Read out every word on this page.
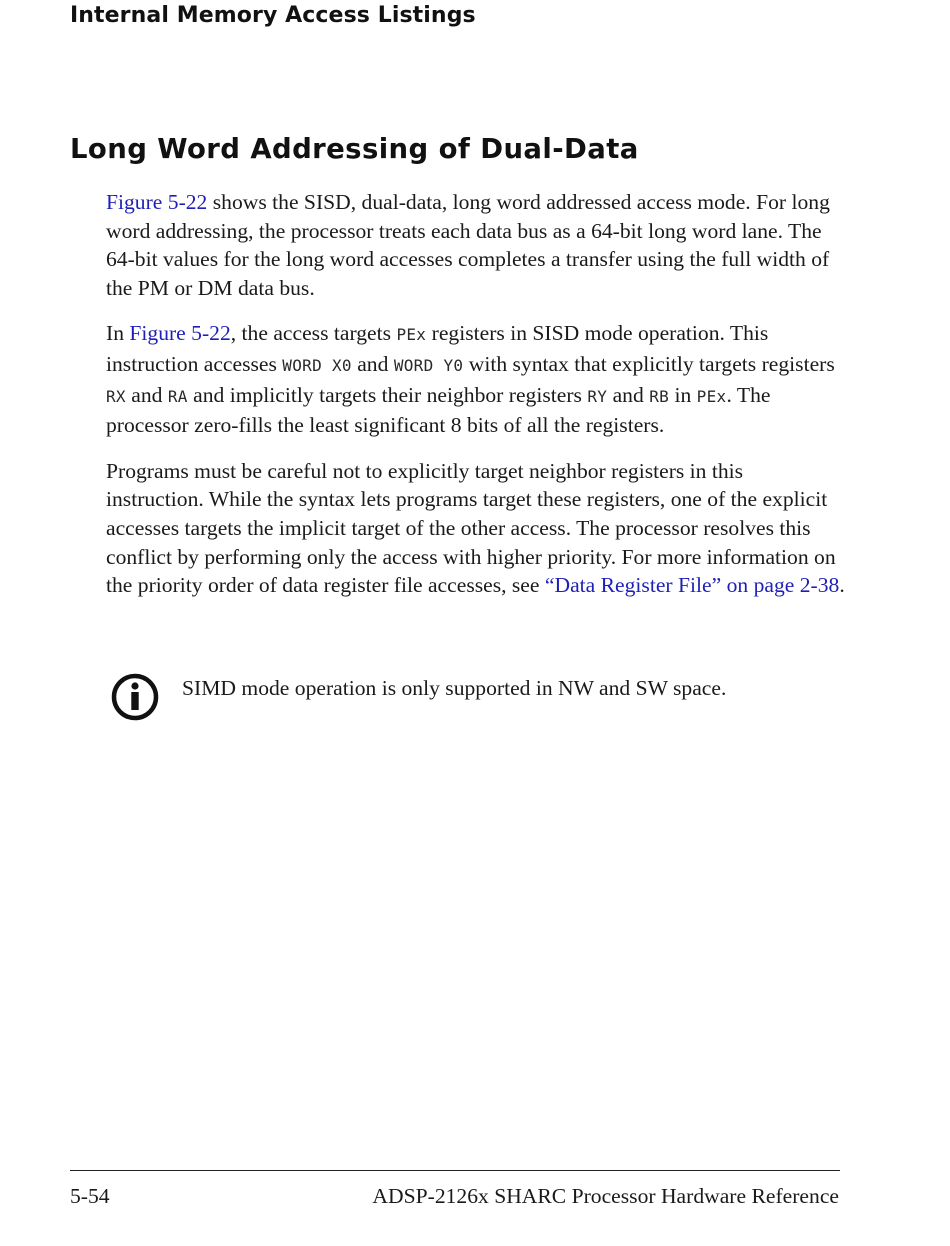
Internal Memory Access Listings
Long Word Addressing of Dual-Data

Figure 5-22 shows the SISD, dual-data, long word addressed access mode. For long word addressing, the processor treats each data bus as a 64-bit long word lane. The 64-bit values for the long word accesses completes a transfer using the full width of the PM or DM data bus.

In Figure 5-22, the access targets PEx registers in SISD mode operation. This instruction accesses WORD X0 and WORD Y0 with syntax that explicitly targets registers RX and RA and implicitly targets their neighbor registers RY and RB in PEx. The processor zero-fills the least significant 8 bits of all the registers.

Programs must be careful not to explicitly target neighbor registers in this instruction. While the syntax lets programs target these registers, one of the explicit accesses targets the implicit target of the other access. The processor resolves this conflict by performing only the access with higher priority. For more information on the priority order of data register file accesses, see “Data Register File” on page 2-38.

SIMD mode operation is only supported in NW and SW space.
5-54	ADSP-2126x SHARC Processor Hardware Reference
